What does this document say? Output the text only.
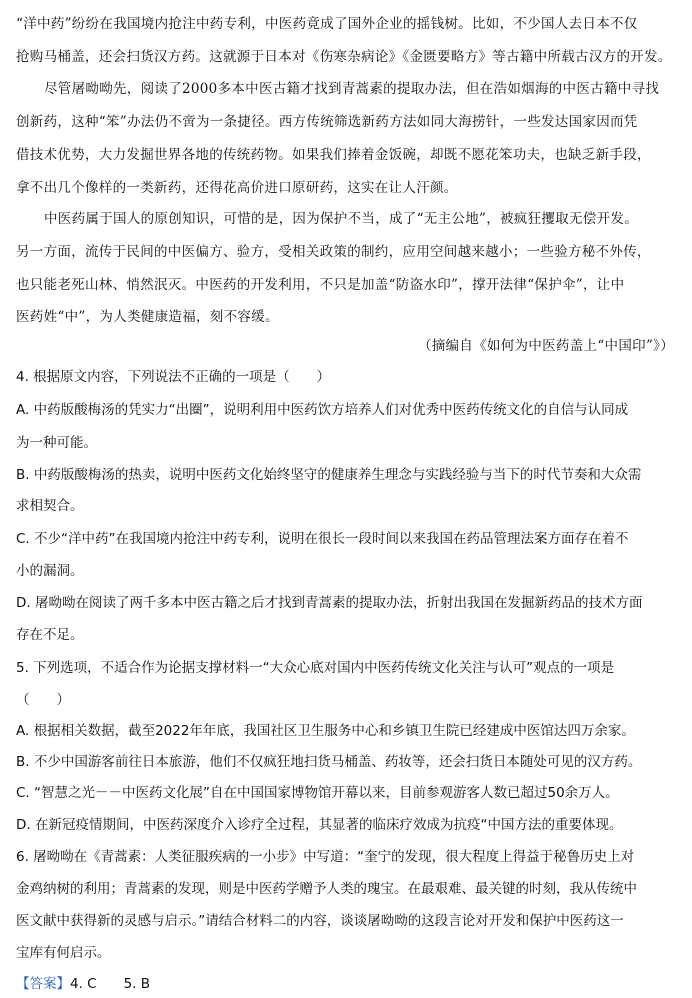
“洋中药”纷纷在我国境内抢注中药专利，中医药竟成了国外企业的摇钱树。比如，不少国人去日本不仅
抢购马桶盖，还会扫货汉方药。这就源于日本对《伤寒杂病论》《金匮要略方》等古籍中所载古汉方的开发。
尽管屠呦呦先，阅读了2000多本中医古籍才找到青蒿素的提取办法，但在浩如烟海的中医古籍中寻找
创新药，这种“笨”办法仍不啻为一条捷径。西方传统筛选新药方法如同大海捞针，一些发达国家因而凭
借技术优势，大力发掘世界各地的传统药物。如果我们捧着金饭碗，却既不愿花笨功夫，也缺乏新手段，
拿不出几个像样的一类新药，还得花高价进口原研药，这实在让人汗颜。
中医药属于国人的原创知识，可惜的是，因为保护不当，成了“无主公地”，被疯狂攫取无偿开发。
另一方面，流传于民间的中医偏方、验方，受相关政策的制约，应用空间越来越小；一些验方秘不外传，
也只能老死山林、悄然泯灭。中医药的开发利用，不只是加盖“防盗水印”，撑开法律“保护伞”，让中
医药姓“中”，为人类健康造福，刻不容缓。
（摘编自《如何为中医药盖上“中国印”》）
4. 根据原文内容，下列说法不正确的一项是（　　）
A. 中药版酸梅汤的凭实力“出圈”，说明利用中医药饮方培养人们对优秀中医药传统文化的自信与认同成
为一种可能。
B. 中药版酸梅汤的热卖，说明中医药文化始终坚守的健康养生理念与实践经验与当下的时代节奏和大众需
求相契合。
C. 不少“洋中药”在我国境内抢注中药专利，说明在很长一段时间以来我国在药品管理法案方面存在着不
小的漏洞。
D. 屠呦呦在阅读了两千多本中医古籍之后才找到青蒿素的提取办法，折射出我国在发掘新药品的技术方面
存在不足。
5. 下列选项，不适合作为论据支撑材料一“大众心底对国内中医药传统文化关注与认可”观点的一项是
（　　）
A. 根据相关数据，截至2022年年底，我国社区卫生服务中心和乡镇卫生院已经建成中医馆达四万余家。
B. 不少中国游客前往日本旅游，他们不仅疯狂地扫货马桶盖、药妆等，还会扫货日本随处可见的汉方药。
C. “智慧之光－－中医药文化展”自在中国国家博物馆开幕以来，目前参观游客人数已超过50余万人。
D. 在新冠疫情期间，中医药深度介入诊疗全过程，其显著的临床疗效成为抗疫“中国方法的重要体现。
6. 屠呦呦在《青蒿素：人类征服疾病的一小步》中写道：“奎宁的发现，很大程度上得益于秘鲁历史上对
金鸡纳树的利用；青蒿素的发现，则是中医药学赠予人类的瑰宝。在最艰难、最关键的时刻，我从传统中
医文献中获得新的灵感与启示。”请结合材料二的内容，谈谈屠呦呦的这段言论对开发和保护中医药这一
宝库有何启示。
【答案】4. C　　5. B
